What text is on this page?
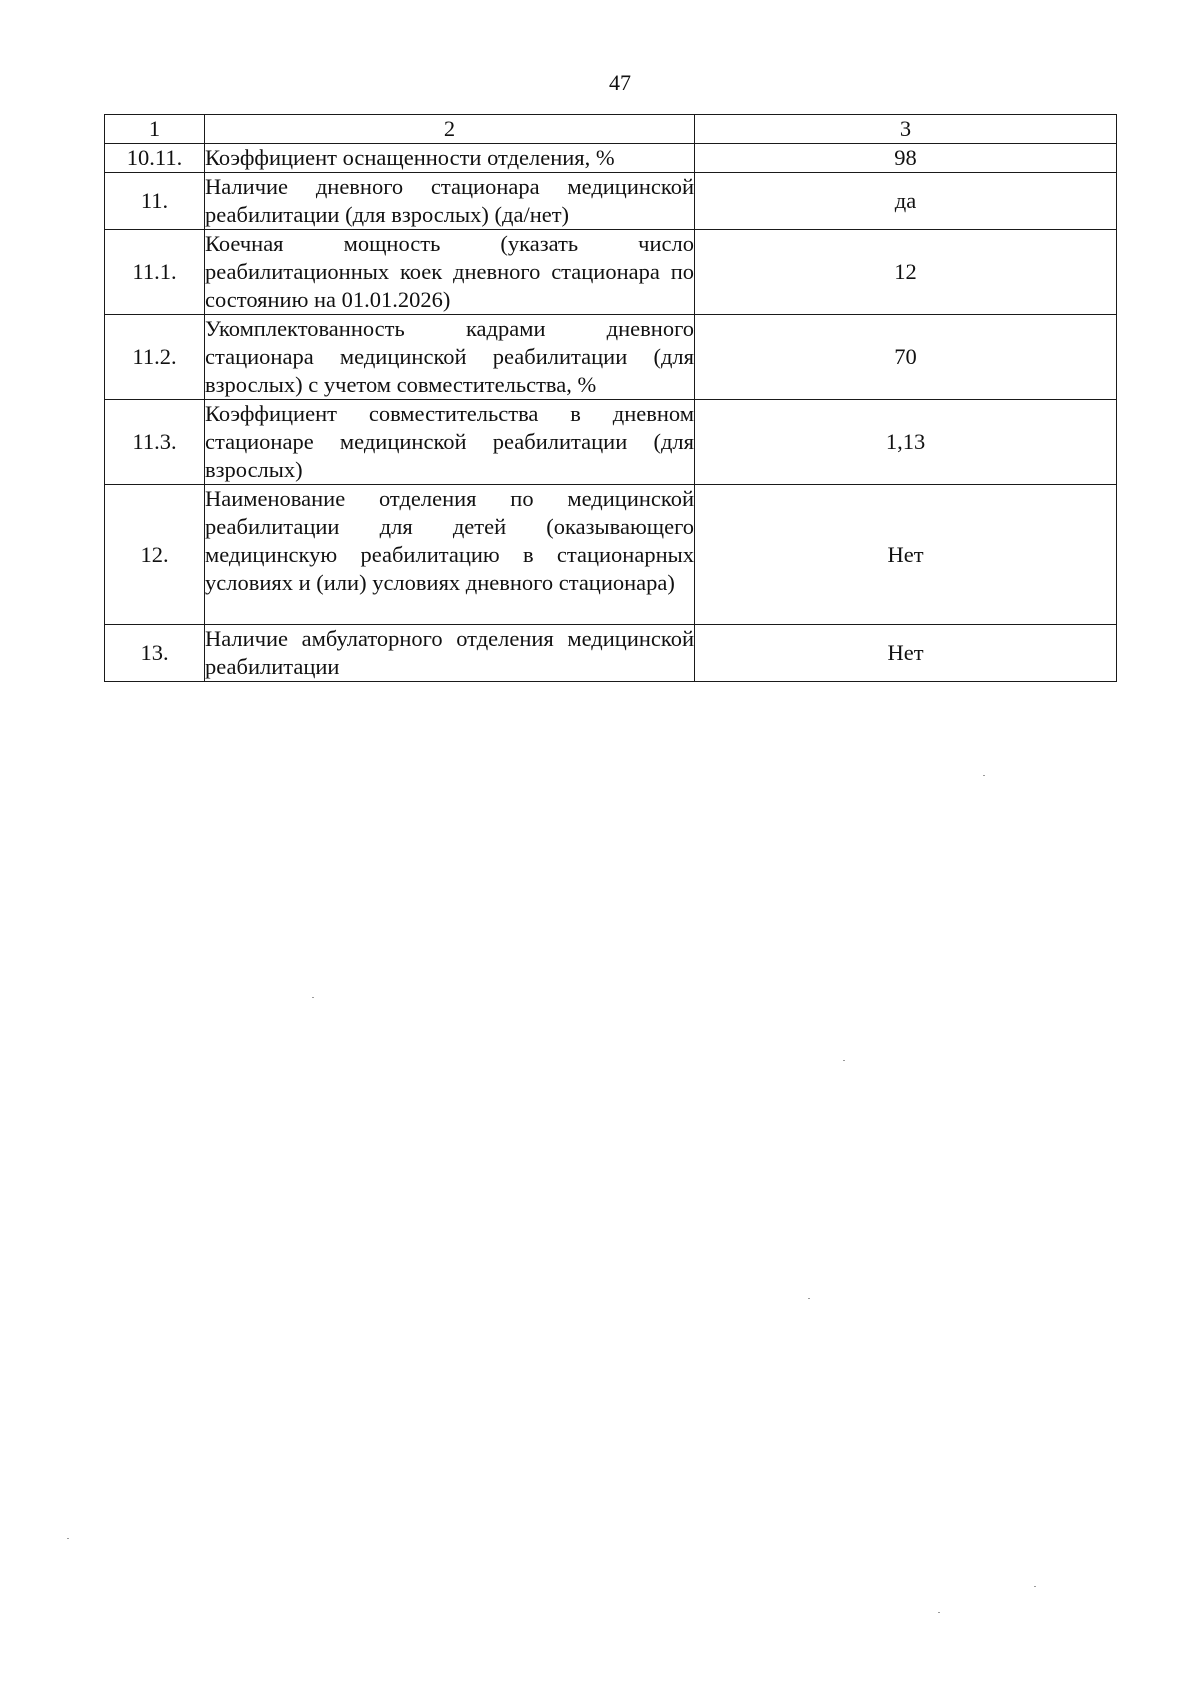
47
1	2	3
10.11.	Коэффициент оснащенности отделения, %	98
11.	Наличие дневного стационара медицинской реабилитации (для взрослых) (да/нет)	да
11.1.	Коечная мощность (указать число реабилитационных коек дневного стационара по состоянию на 01.01.2026)	12
11.2.	Укомплектованность кадрами дневного стационара медицинской реабилитации (для взрослых) с учетом совместительства, %	70
11.3.	Коэффициент совместительства в дневном стационаре медицинской реабилитации (для взрослых)	1,13
12.	Наименование отделения по медицинской реабилитации для детей (оказывающего медицинскую реабилитацию в стационарных условиях и (или) условиях дневного стационара)	Нет
13.	Наличие амбулаторного отделения медицинской реабилитации	Нет
